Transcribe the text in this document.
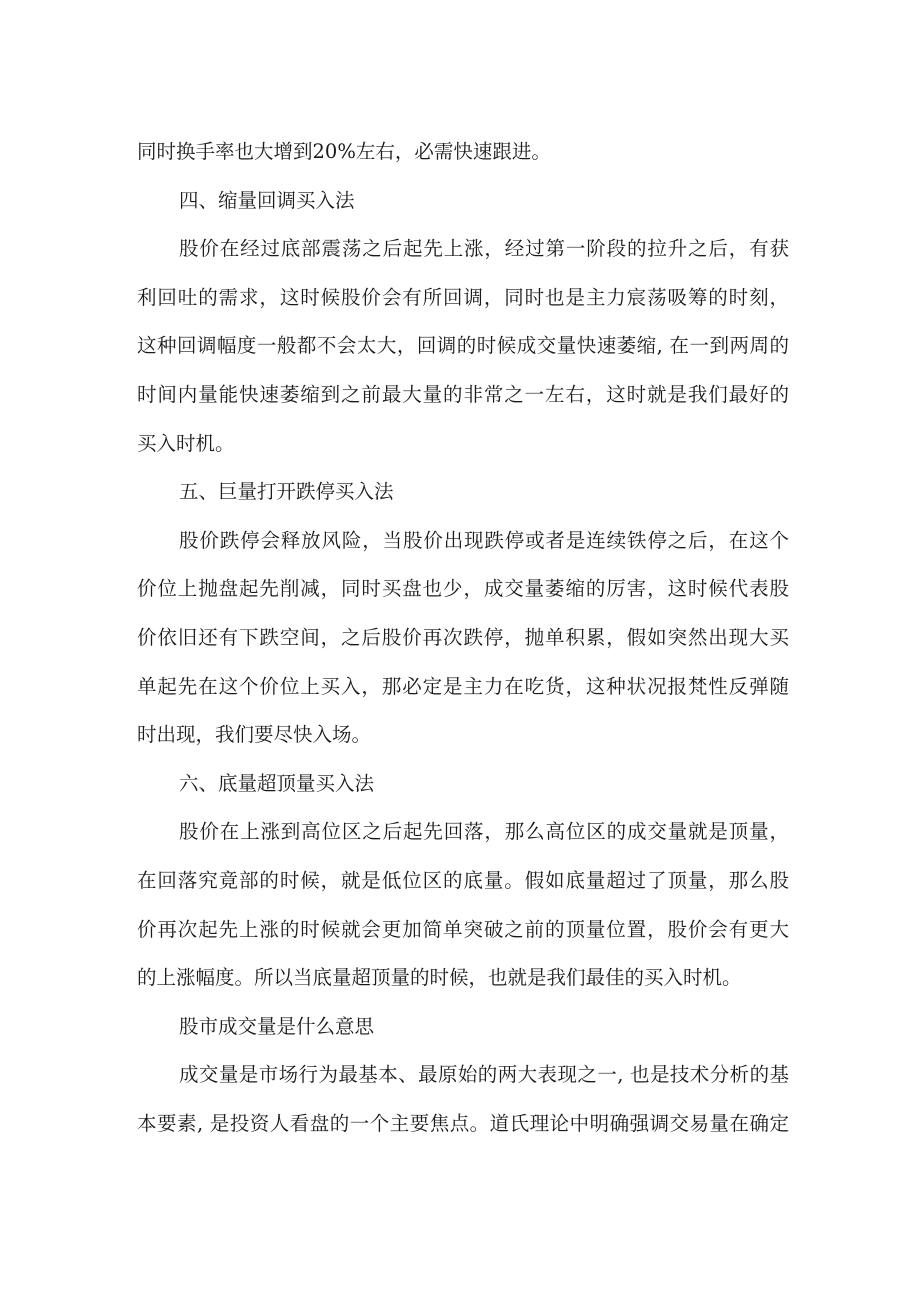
同时换手率也大增到20%左右，必需快速跟进。
四、缩量回调买入法
股价在经过底部震荡之后起先上涨，经过第一阶段的拉升之后，有获
利回吐的需求，这时候股价会有所回调，同时也是主力宸荡吸筹的时刻，
这种回调幅度一般都不会太大，回调的时候成交量快速萎缩, 在一到两周的
时间内量能快速萎缩到之前最大量的非常之一左右，这时就是我们最好的
买入时机。
五、巨量打开跌停买入法
股价跌停会释放风险，当股价出现跌停或者是连续铁停之后，在这个
价位上抛盘起先削减，同时买盘也少，成交量萎缩的厉害，这时候代表股
价依旧还有下跌空间，之后股价再次跌停，抛单积累，假如突然出现大买
单起先在这个价位上买入，那必定是主力在吃货，这种状况报梵性反弹随
时出现，我们要尽快入场。
六、底量超顶量买入法
股价在上涨到高位区之后起先回落，那么高位区的成交量就是顶量，
在回落究竟部的时候，就是低位区的底量。假如底量超过了顶量，那么股
价再次起先上涨的时候就会更加简单突破之前的顶量位置，股价会有更大
的上涨幅度。所以当底量超顶量的时候，也就是我们最佳的买入时机。
股市成交量是什么意思
成交量是市场行为最基本、最原始的两大表现之一, 也是技术分析的基
本要素, 是投资人看盘的一个主要焦点。道氏理论中明确强调交易量在确定
